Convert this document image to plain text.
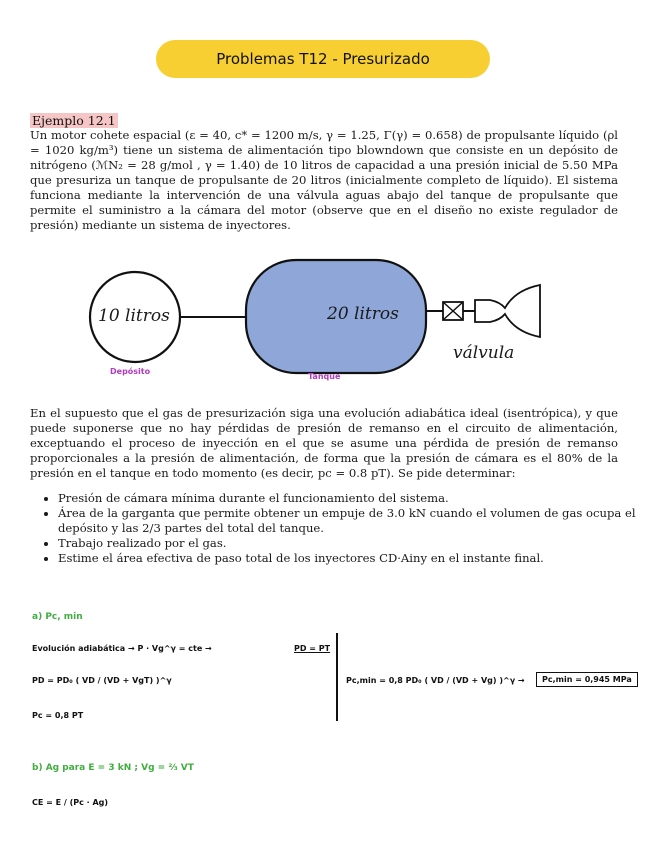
Problemas T12 - Presurizado
Ejemplo 12.1

Un motor cohete espacial (ε = 40, c* = 1200 m/s, γ = 1.25, Γ(γ) = 0.658) de propulsante líquido (ρl = 1020 kg/m³) tiene un sistema de alimentación tipo blowndown que consiste en un depósito de nitrógeno (ℳN₂ = 28 g/mol , γ = 1.40) de 10 litros de capacidad a una presión inicial de 5.50 MPa que presuriza un tanque de propulsante de 20 litros (inicialmente completo de líquido). El sistema funciona mediante la intervención de una válvula aguas abajo del tanque de propulsante que permite el suministro a la cámara del motor (observe que en el diseño no existe regulador de presión) mediante un sistema de inyectores.

10 litros	20 litros
válvula
Depósito
Tanque

En el supuesto que el gas de presurización siga una evolución adiabática ideal (isentrópica), y que puede suponerse que no hay pérdidas de presión de remanso en el circuito de alimentación, exceptuando el proceso de inyección en el que se asume una pérdida de presión de remanso proporcionales a la presión de alimentación, de forma que la presión de cámara es el 80% de la presión en el tanque en todo momento (es decir, pc = 0.8 pT). Se pide determinar:

• Presión de cámara mínima durante el funcionamiento del sistema.
• Área de la garganta que permite obtener un empuje de 3.0 kN cuando el volumen de gas ocupa el depósito y las 2/3 partes del total del tanque.
• Trabajo realizado por el gas.
• Estime el área efectiva de paso total de los inyectores CD·Ainy en el instante final.
a) Pc, min
Evolución adiabática → P · Vg^γ = cte →	PD = PT
PD = PD₀ ( VD / (VD + VgT) )^γ
Pc = 0,8 PT
Pc,min = 0,8 PD₀ ( VD / (VD + Vg) )^γ →	Pc,min = 0,945 MPa
b) Ag para E = 3 kN ; Vg = ⅔ VT
CE = E / (Pc · Ag)
